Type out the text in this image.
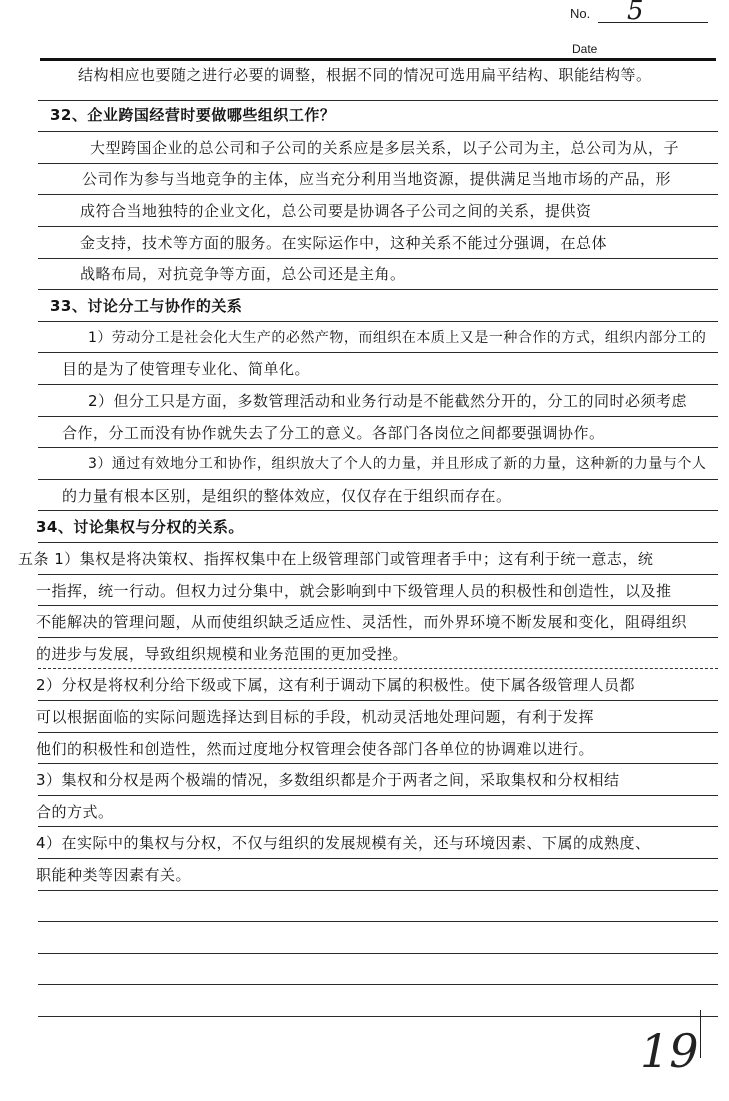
No. 5
Date
结构相应也要随之进行必要的调整，根据不同的情况可选用扁平结构、职能结构等。
32、企业跨国经营时要做哪些组织工作？
大型跨国企业的总公司和子公司的关系应是多层关系，以子公司为主，总公司为从，子
公司作为参与当地竞争的主体，应当充分利用当地资源，提供满足当地市场的产品，形
成符合当地独特的企业文化，总公司要是协调各子公司之间的关系，提供资
金支持，技术等方面的服务。在实际运作中，这种关系不能过分强调，在总体
战略布局，对抗竞争等方面，总公司还是主角。
33、讨论分工与协作的关系
1）劳动分工是社会化大生产的必然产物，而组织在本质上又是一种合作的方式，组织内部分工的
目的是为了使管理专业化、简单化。
2）但分工只是方面，多数管理活动和业务行动是不能截然分开的，分工的同时必须考虑
合作，分工而没有协作就失去了分工的意义。各部门各岗位之间都要强调协作。
3）通过有效地分工和协作，组织放大了个人的力量，并且形成了新的力量，这种新的力量与个人
的力量有根本区别，是组织的整体效应，仅仅存在于组织而存在。
34、讨论集权与分权的关系。
五条 1）集权是将决策权、指挥权集中在上级管理部门或管理者手中；这有利于统一意志，统
一指挥，统一行动。但权力过分集中，就会影响到中下级管理人员的积极性和创造性，以及推
不能解决的管理问题，从而使组织缺乏适应性、灵活性，而外界环境不断发展和变化，阻碍组织
的进步与发展，导致组织规模和业务范围的更加受挫。
2）分权是将权利分给下级或下属，这有利于调动下属的积极性。使下属各级管理人员都
可以根据面临的实际问题选择达到目标的手段，机动灵活地处理问题，有利于发挥
他们的积极性和创造性，然而过度地分权管理会使各部门各单位的协调难以进行。
3）集权和分权是两个极端的情况，多数组织都是介于两者之间，采取集权和分权相结
合的方式。
4）在实际中的集权与分权，不仅与组织的发展规模有关，还与环境因素、下属的成熟度、
职能种类等因素有关。
19
